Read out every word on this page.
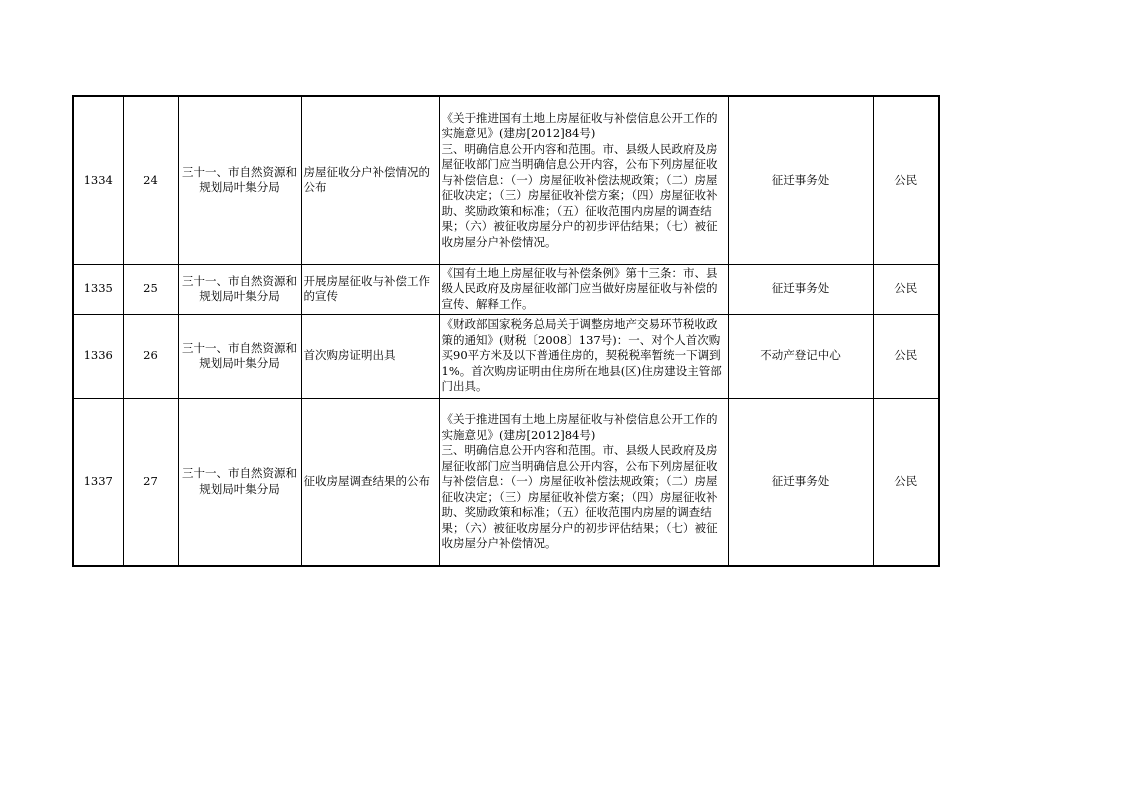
1334	24	三十一、市自然资源和规划局叶集分局	房屋征收分户补偿情况的公布	《关于推进国有土地上房屋征收与补偿信息公开工作的实施意见》(建房[2012]84号)
三、明确信息公开内容和范围。市、县级人民政府及房屋征收部门应当明确信息公开内容，公布下列房屋征收与补偿信息：（一）房屋征收补偿法规政策；（二）房屋征收决定；（三）房屋征收补偿方案；（四）房屋征收补助、奖励政策和标准；（五）征收范围内房屋的调查结果；（六）被征收房屋分户的初步评估结果；（七）被征收房屋分户补偿情况。	征迁事务处	公民
1335	25	三十一、市自然资源和规划局叶集分局	开展房屋征收与补偿工作的宣传	《国有土地上房屋征收与补偿条例》第十三条：市、县级人民政府及房屋征收部门应当做好房屋征收与补偿的宣传、解释工作。	征迁事务处	公民
1336	26	三十一、市自然资源和规划局叶集分局	首次购房证明出具	《财政部国家税务总局关于调整房地产交易环节税收政策的通知》(财税〔2008〕137号)：一、对个人首次购买90平方米及以下普通住房的，契税税率暂统一下调到1%。首次购房证明由住房所在地县(区)住房建设主管部门出具。	不动产登记中心	公民
1337	27	三十一、市自然资源和规划局叶集分局	征收房屋调查结果的公布	《关于推进国有土地上房屋征收与补偿信息公开工作的实施意见》(建房[2012]84号)
三、明确信息公开内容和范围。市、县级人民政府及房屋征收部门应当明确信息公开内容，公布下列房屋征收与补偿信息：（一）房屋征收补偿法规政策；（二）房屋征收决定；（三）房屋征收补偿方案；（四）房屋征收补助、奖励政策和标准；（五）征收范围内房屋的调查结果；（六）被征收房屋分户的初步评估结果；（七）被征收房屋分户补偿情况。	征迁事务处	公民
